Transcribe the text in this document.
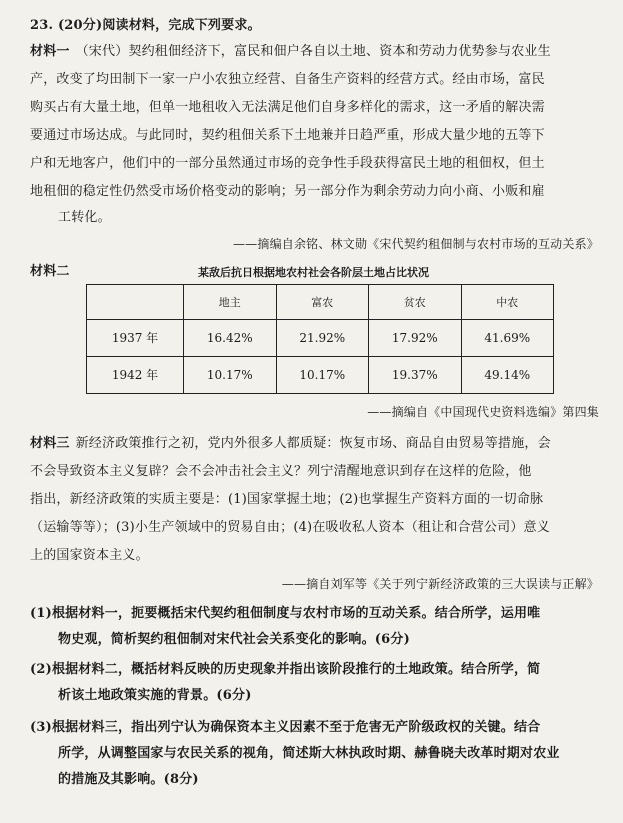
23. (20分)阅读材料，完成下列要求。
材料一 （宋代）契约租佃经济下，富民和佃户各自以土地、资本和劳动力优势参与农业生
产，改变了均田制下一家一户小农独立经营、自备生产资料的经营方式。经由市场，富民
购买占有大量土地，但单一地租收入无法满足他们自身多样化的需求，这一矛盾的解决需
要通过市场达成。与此同时，契约租佃关系下土地兼并日趋严重，形成大量少地的五等下
户和无地客户，他们中的一部分虽然通过市场的竞争性手段获得富民土地的租佃权，但土
地租佃的稳定性仍然受市场价格变动的影响；另一部分作为剩余劳动力向小商、小贩和雇
工转化。
——摘编自余铭、林文勋《宋代契约租佃制与农村市场的互动关系》
材料二	某敌后抗日根据地农村社会各阶层土地占比状况
	地主	富农	贫农	中农
1937 年	16.42%	21.92%	17.92%	41.69%
1942 年	10.17%	10.17%	19.37%	49.14%
——摘编自《中国现代史资料选编》第四集
材料三 新经济政策推行之初，党内外很多人都质疑：恢复市场、商品自由贸易等措施，会
不会导致资本主义复辟？会不会冲击社会主义？列宁清醒地意识到存在这样的危险，他
指出，新经济政策的实质主要是：(1)国家掌握土地；(2)也掌握生产资料方面的一切命脉
（运输等等）；(3)小生产领域中的贸易自由；(4)在吸收私人资本（租让和合营公司）意义
上的国家资本主义。
——摘自刘军等《关于列宁新经济政策的三大误读与正解》
(1)根据材料一，扼要概括宋代契约租佃制度与农村市场的互动关系。结合所学，运用唯
物史观，简析契约租佃制对宋代社会关系变化的影响。(6分)
(2)根据材料二，概括材料反映的历史现象并指出该阶段推行的土地政策。结合所学，简
析该土地政策实施的背景。(6分)
(3)根据材料三，指出列宁认为确保资本主义因素不至于危害无产阶级政权的关键。结合
所学，从调整国家与农民关系的视角，简述斯大林执政时期、赫鲁晓夫改革时期对农业
的措施及其影响。(8分)
